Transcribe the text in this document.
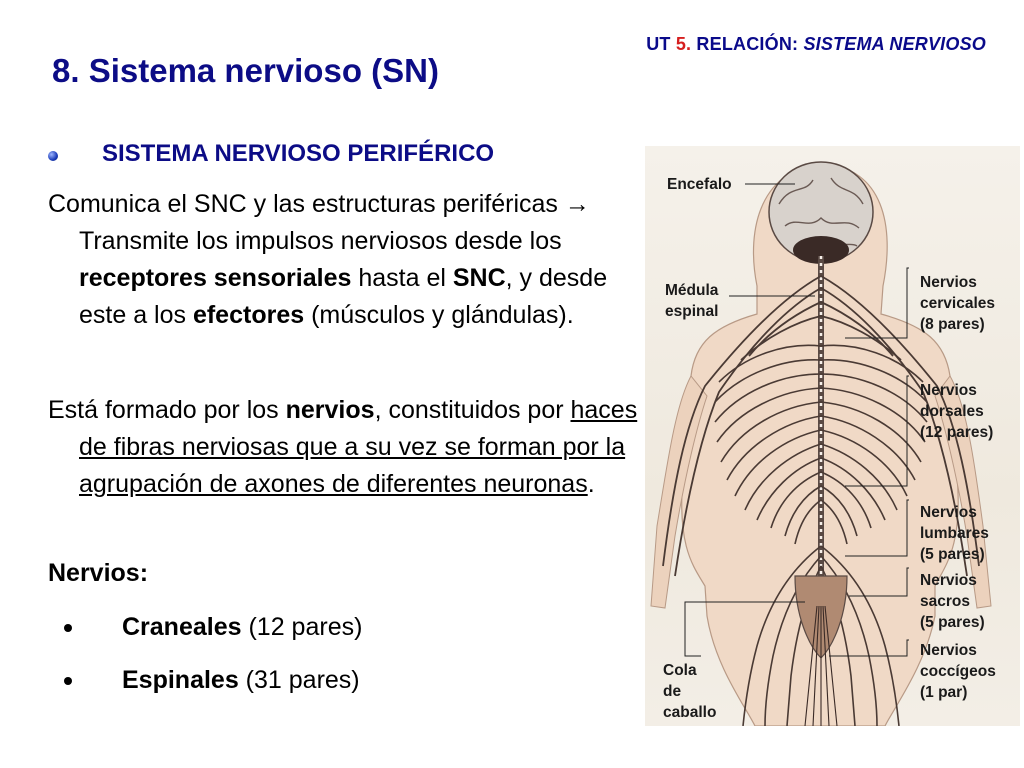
UT 5. RELACIÓN: SISTEMA NERVIOSO
8. Sistema nervioso (SN)
SISTEMA NERVIOSO PERIFÉRICO

Comunica el SNC y las estructuras periféricas → Transmite los impulsos nerviosos desde los receptores sensoriales hasta el SNC, y desde este a los efectores (músculos y glándulas).

Está formado por los nervios, constituidos por haces de fibras nerviosas que a su vez se forman por la agrupación de axones de diferentes neuronas.

Nervios:
Craneales (12 pares)
Espinales (31 pares)
Encefalo
Médula
espinal
Nervios
cervicales
(8 pares)
Nervios
dorsales
(12 pares)
Nervios
lumbares
(5 pares)
Nervios
sacros
(5 pares)
Nervios
coccígeos
(1 par)
Cola
de
caballo
